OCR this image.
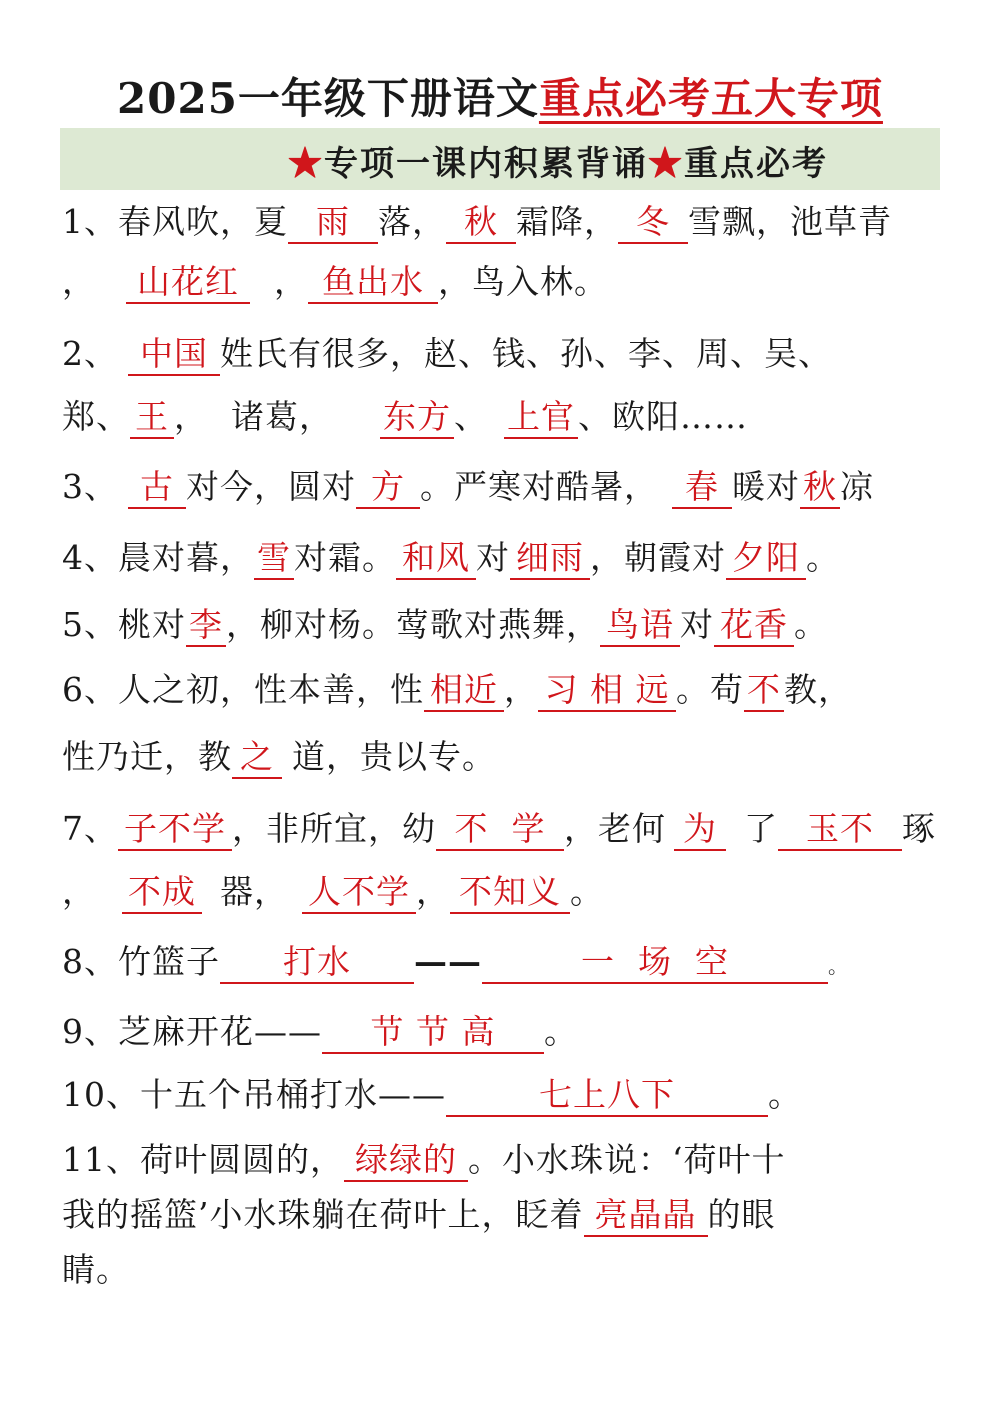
2025一年级下册语文重点必考五大专项
★专项一课内积累背诵★重点必考
1、春风吹，夏 雨 落， 秋 霜降， 冬 雪飘，池草青
， 山花红 ， 鱼出水 ，鸟入林。
2、 中国 姓氏有很多，赵、钱、孙、李、周、吴、
郑、 王 ，  诸葛，  东方、 上官、欧阳……
3、 古 对今，圆对 方 。严寒对酷暑， 春 暖对秋凉
4、晨对暮，雪对霜。 和风 对 细雨 ，朝霞对 夕阳 。
5、桃对李，柳对杨。莺歌对燕舞， 鸟语 对 花香 。
6、人之初，性本善，性 相近 ， 习 相 远 。苟不教，
性乃迁，教 之 道，贵以专。
7、 子不学 ，非所宜，幼 不  学 ，老何 为 了 玉不 琢
， 不成 器， 人不学 ， 不知义 。
8、竹篮子 打水 ——	一  场  空	。
9、芝麻开花—— 节 节 高 。
10、十五个吊桶打水——	七上八下	。
11、荷叶圆圆的， 绿绿的 。小水珠说：‘荷叶十
我的摇篮’小水珠躺在荷叶上，眨着 亮晶晶 的眼
睛。
